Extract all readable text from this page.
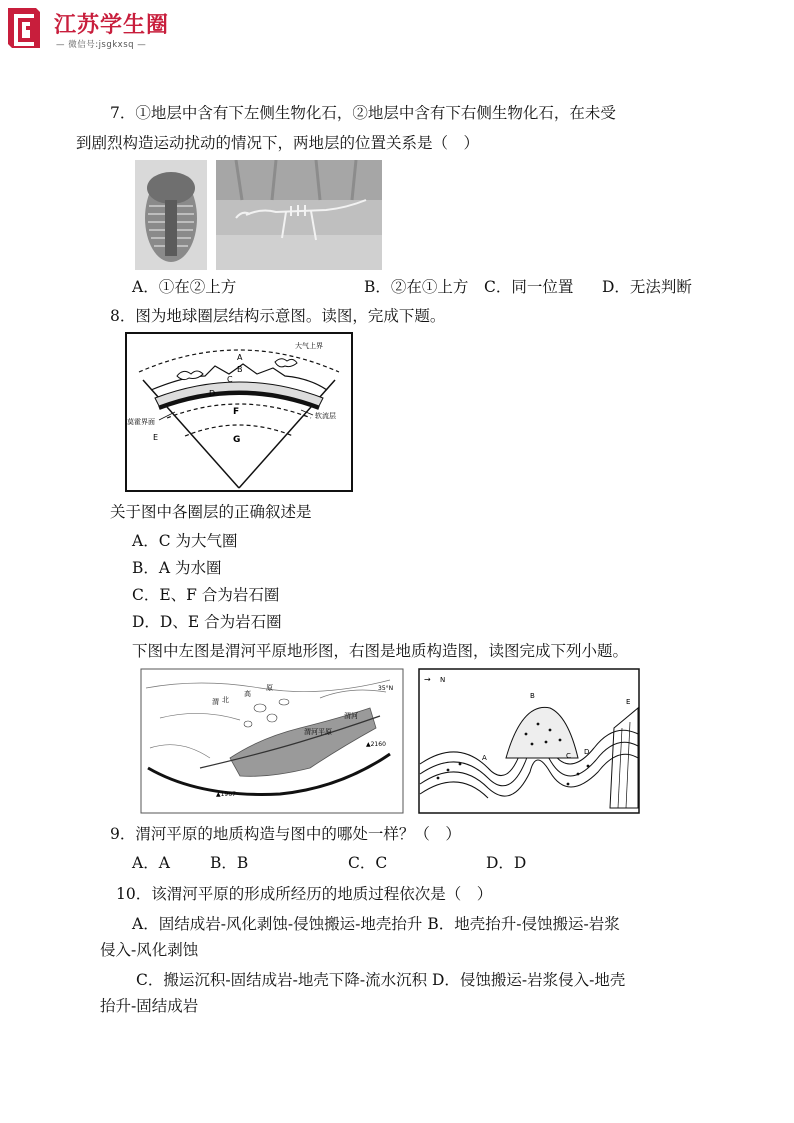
江苏学生圈
— 微信号:jsgkxsq —
7．①地层中含有下左侧生物化石，②地层中含有下右侧生物化石，在未受
到剧烈构造运动扰动的情况下，两地层的位置关系是（　）
A．①在②上方	B．②在①上方 C．同一位置 D．无法判断
8．图为地球圈层结构示意图。读图，完成下题。
大气上界
A
B
C
D
E
F
G
莫霍界面
软流层
关于图中各圈层的正确叙述是
A．C 为大气圈
B．A 为水圈
C．E、F 合为岩石圈
D．D、E 合为岩石圈
下图中左图是渭河平原地形图，右图是地质构造图，读图完成下列小题。
渭 北
高
原
渭河平原
渭河
35°N
▲2160
▲1967
→ N
A
B
C D
E
9．渭河平原的地质构造与图中的哪处一样？（　）
A．A	B．B	C．C	D．D
10．该渭河平原的形成所经历的地质过程依次是（　）
A．固结成岩-风化剥蚀-侵蚀搬运-地壳抬升 B．地壳抬升-侵蚀搬运-岩浆
侵入-风化剥蚀
C．搬运沉积-固结成岩-地壳下降-流水沉积 D．侵蚀搬运-岩浆侵入-地壳
抬升-固结成岩
